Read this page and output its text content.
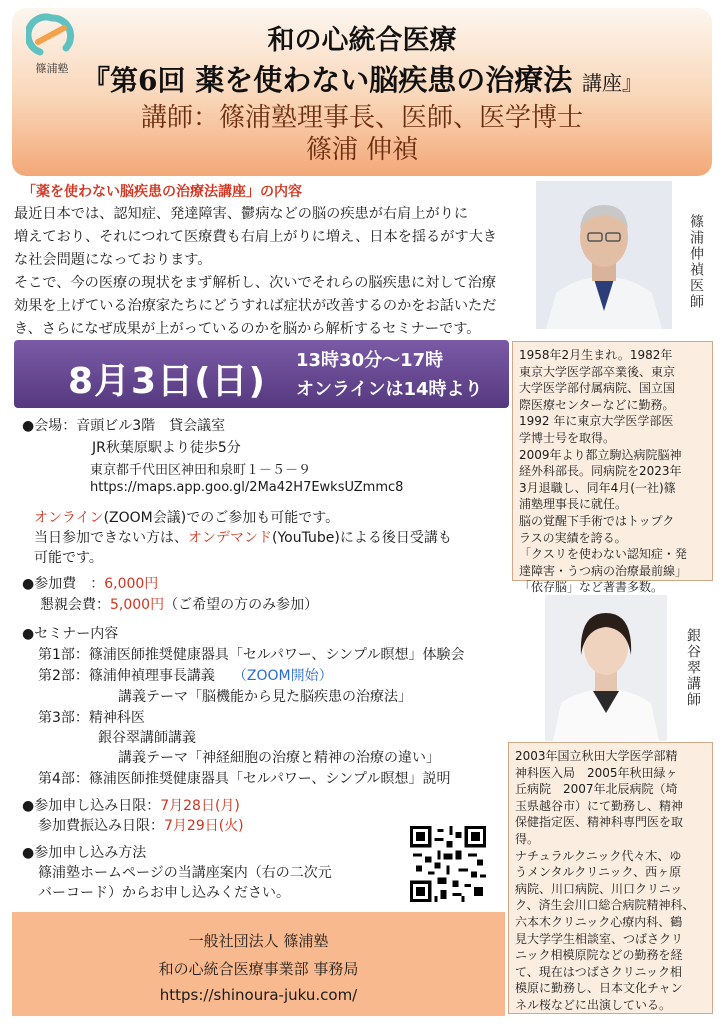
篠浦塾
和の心統合医療
『第6回 薬を使わない脳疾患の治療法 講座』
講師：篠浦塾理事長、医師、医学博士
篠浦 伸禎
「薬を使わない脳疾患の治療法講座」の内容
最近日本では、認知症、発達障害、鬱病などの脳の疾患が右肩上がりに
増えており、それにつれて医療費も右肩上がりに増え、日本を揺るがす大き
な社会問題になっております。
そこで、今の医療の現状をまず解析し、次いでそれらの脳疾患に対して治療
効果を上げている治療家たちにどうすれば症状が改善するのかをお話いただ
き、さらになぜ成果が上がっているのかを脳から解析するセミナーです。
篠浦伸禎医師
銀谷翠講師
8月3日(日)
13時30分～17時
オンラインは14時より
1958年2月生まれ。1982年
東京大学医学部卒業後、東京
大学医学部付属病院、国立国
際医療センターなどに勤務。
1992 年に東京大学医学部医
学博士号を取得。
2009年より都立駒込病院脳神
経外科部長。同病院を2023年
3月退職し、同年4月(一社)篠
浦塾理事長に就任。
脳の覚醒下手術ではトップク
ラスの実績を誇る。
「クスリを使わない認知症・発
達障害・うつ病の治療最前線」
「依存脳」など著書多数。
2003年国立秋田大学医学部精
神科医入局　2005年秋田緑ヶ
丘病院　2007年北辰病院（埼
玉県越谷市）にて勤務し、精神
保健指定医、精神科専門医を取
得。
ナチュラルクニック代々木、ゆ
うメンタルクリニック、西ヶ原
病院、川口病院、川口クリニッ
ク、済生会川口総合病院精神科、
六本木クリニック心療内科、鶴
見大学学生相談室、つばさクリ
ニック相模原院などの勤務を経
て、現在はつばさクリニック相
模原に勤務し、日本文化チャン
ネル桜などに出演している。
●会場：音頭ビル3階　貸会議室
JR秋葉原駅より徒歩5分
東京都千代田区神田和泉町１－５－９
https://maps.app.goo.gl/2Ma42H7EwksUZmmc8
オンライン(ZOOM会議)でのご参加も可能です。
当日参加できない方は、オンデマンド(YouTube)による後日受講も
可能です。
●参加費　：6,000円
懇親会費：5,000円（ご希望の方のみ参加）
●セミナー内容
第1部：篠浦医師推奨健康器具「セルパワー、シンプル瞑想」体験会
第2部：篠浦伸禎理事長講義 （ZOOM開始）
講義テーマ「脳機能から見た脳疾患の治療法」
第3部：精神科医
銀谷翠講師講義
講義テーマ「神経細胞の治療と精神の治療の違い」
第4部：篠浦医師推奨健康器具「セルパワー、シンプル瞑想」説明
●参加申し込み日限：7月28日(月)
参加費振込み日限：7月29日(火)
●参加申し込み方法
篠浦塾ホームページの当講座案内（右の二次元
バーコード）からお申し込みください。
一般社団法人 篠浦塾
和の心統合医療事業部 事務局
https://shinoura-juku.com/
